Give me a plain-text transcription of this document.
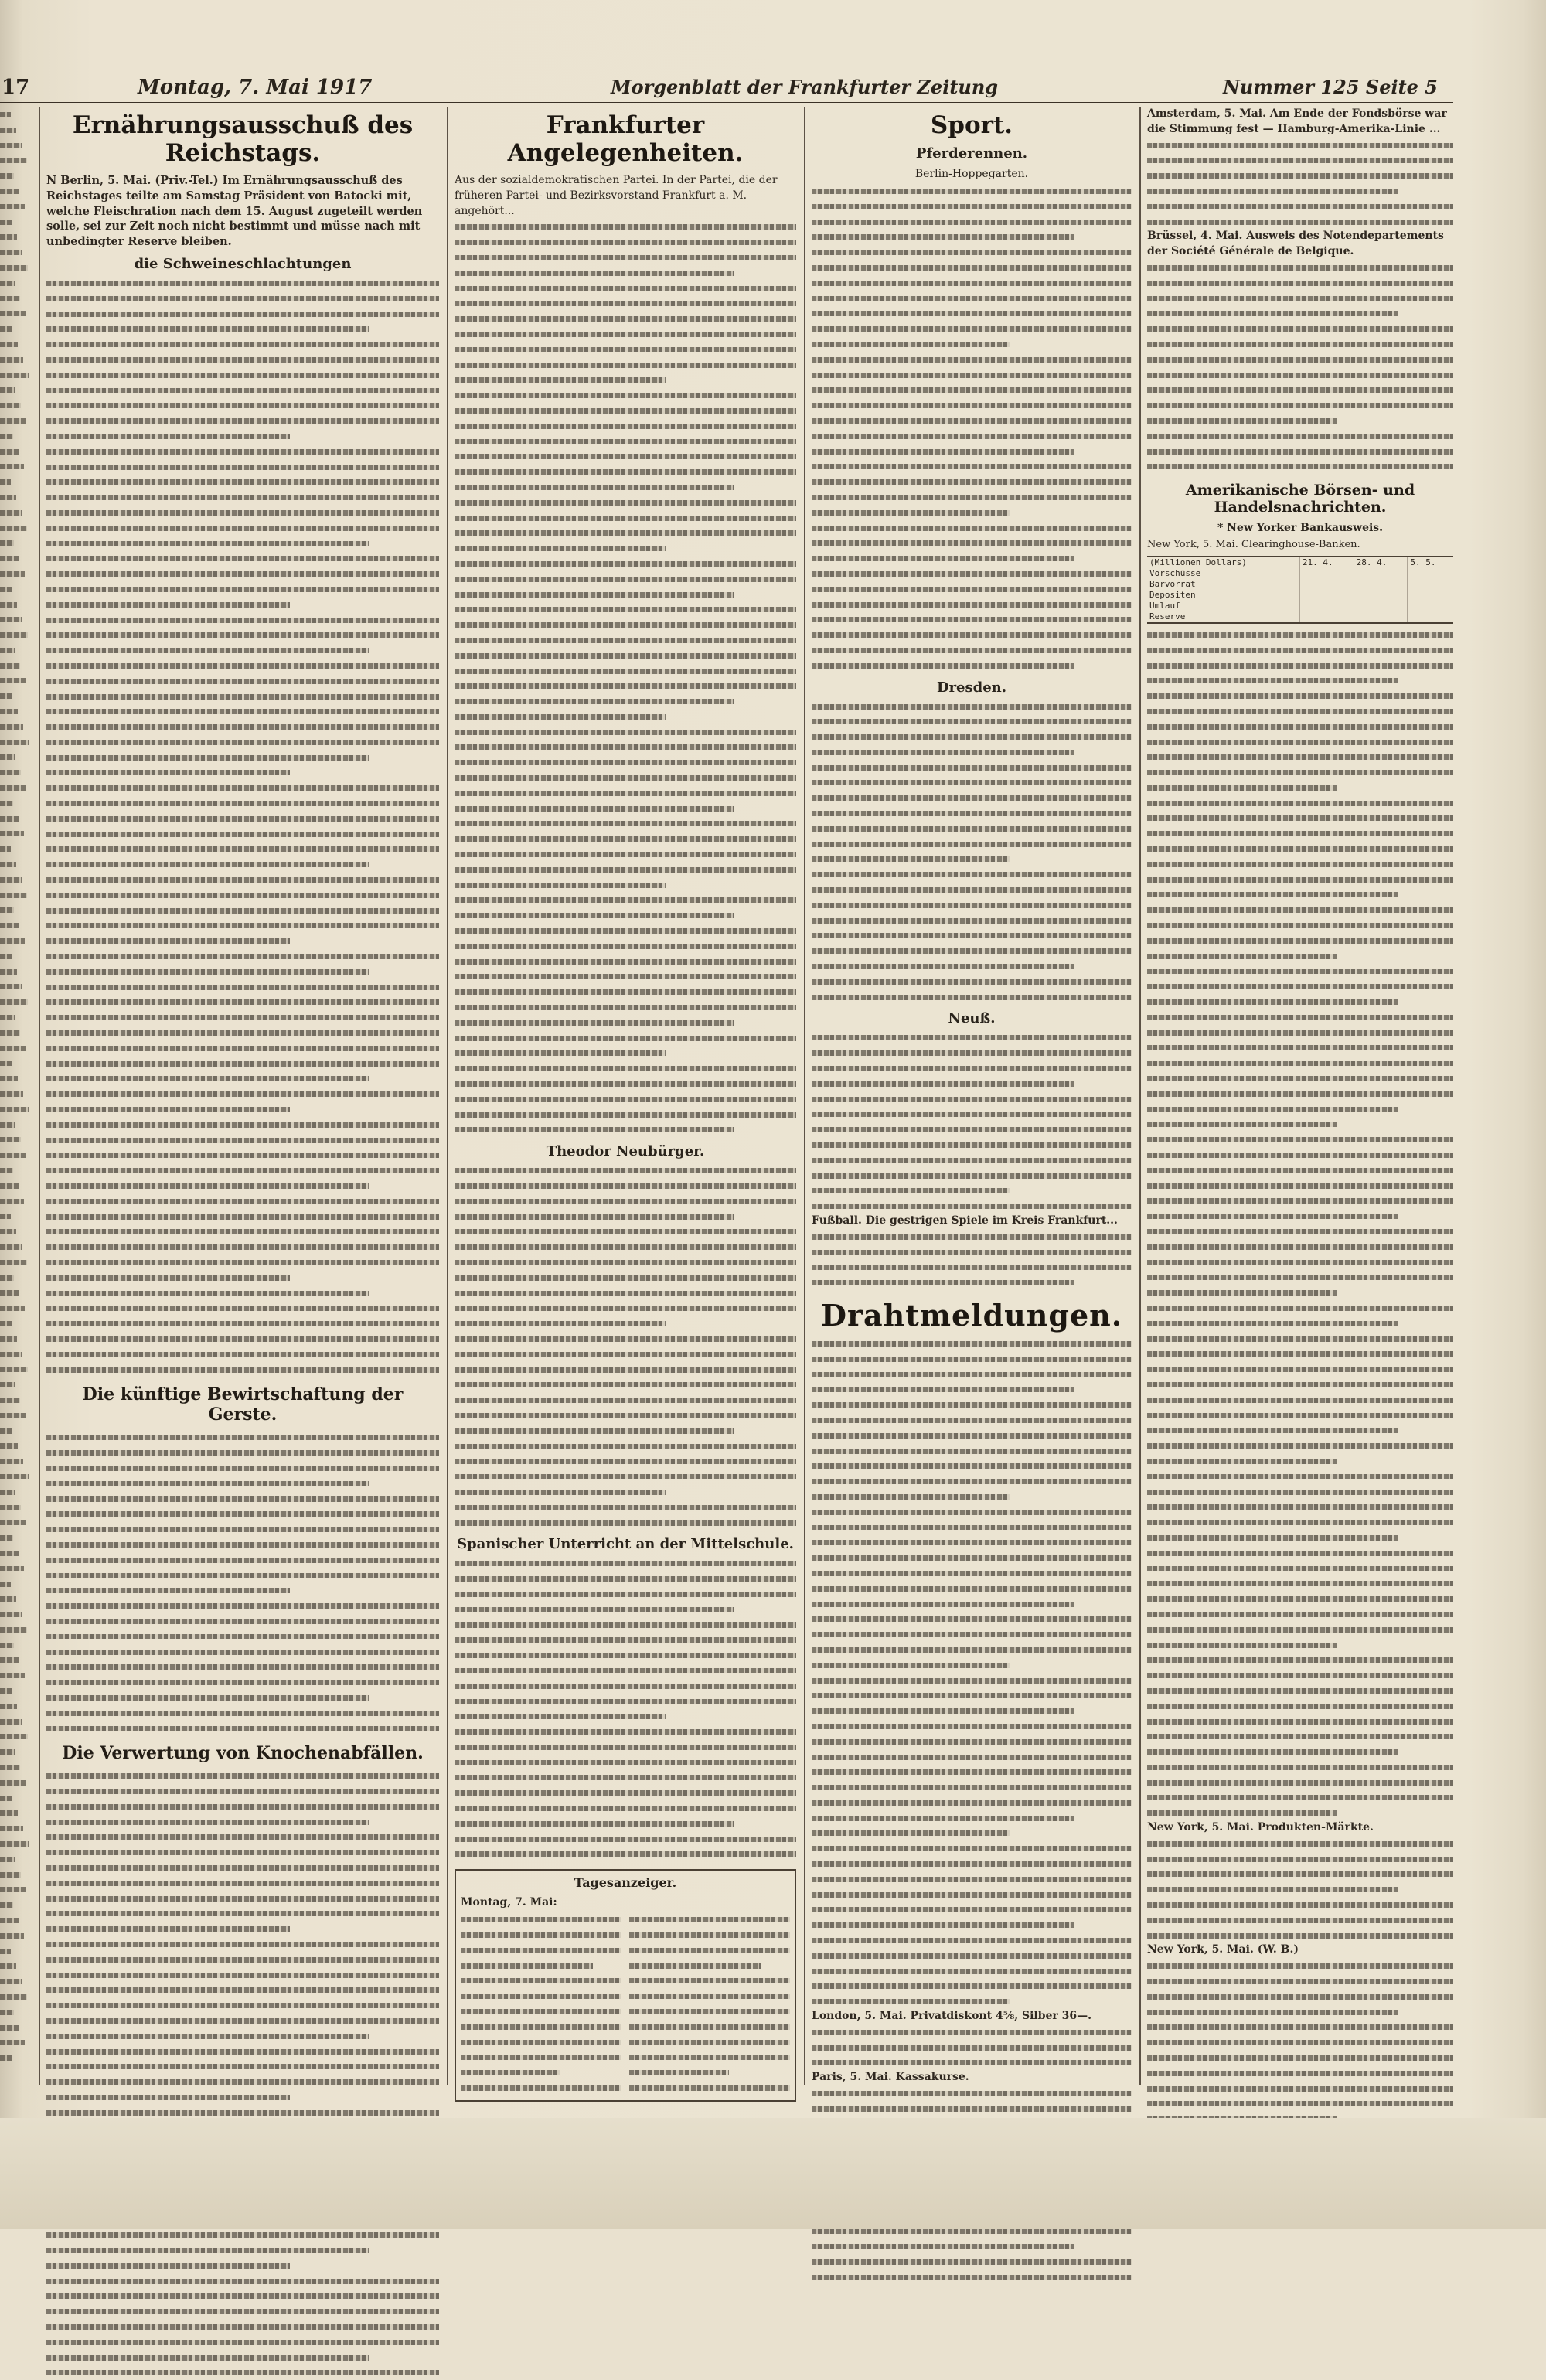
17	Montag, 7. Mai 1917	Morgenblatt der Frankfurter Zeitung	Nummer 125 Seite 5
Ernährungsausschuß des Reichstags.
N Berlin, 5. Mai. (Priv.-Tel.) Im Ernährungsausschuß des Reichstages teilte am Samstag Präsident von Batocki mit, welche Fleischration nach dem 15. August zugeteilt werden solle, sei zur Zeit noch nicht bestimmt und müsse nach mit unbedingter Reserve bleiben.
die Schweineschlachtungen
Die künftige Bewirtschaftung der Gerste.
Die Verwertung von Knochenabfällen.
Frankfurter Angelegenheiten.
Aus der sozialdemokratischen Partei. In der Partei, die der früheren Partei- und Bezirksvorstand Frankfurt a. M. angehört...
Theodor Neubürger.
Spanischer Unterricht an der Mittelschule.
Tagesanzeiger.
Montag, 7. Mai:
Sport.
Pferderennen.
Berlin-Hoppegarten.
Dresden.
Neuß.
Fußball. Die gestrigen Spiele im Kreis Frankfurt...
Drahtmeldungen.
London, 5. Mai. Privatdiskont 4⅝, Silber 36—.
Paris, 5. Mai. Kassakurse.
Amsterdam, 5. Mai. Am Ende der Fondsbörse war die Stimmung fest — Hamburg-Amerika-Linie ...
Brüssel, 4. Mai. Ausweis des Notendepartements der Société Générale de Belgique.
Amerikanische Börsen- und Handelsnachrichten.
* New Yorker Bankausweis.
New York, 5. Mai. Clearinghouse-Banken.
(Millionen Dollars)	21. 4.	28. 4.	5. 5.
Vorschüsse			
Barvorrat			
Depositen			
Umlauf			
Reserve			
New York, 5. Mai. Produkten-Märkte.
New York, 5. Mai. (W. B.)
